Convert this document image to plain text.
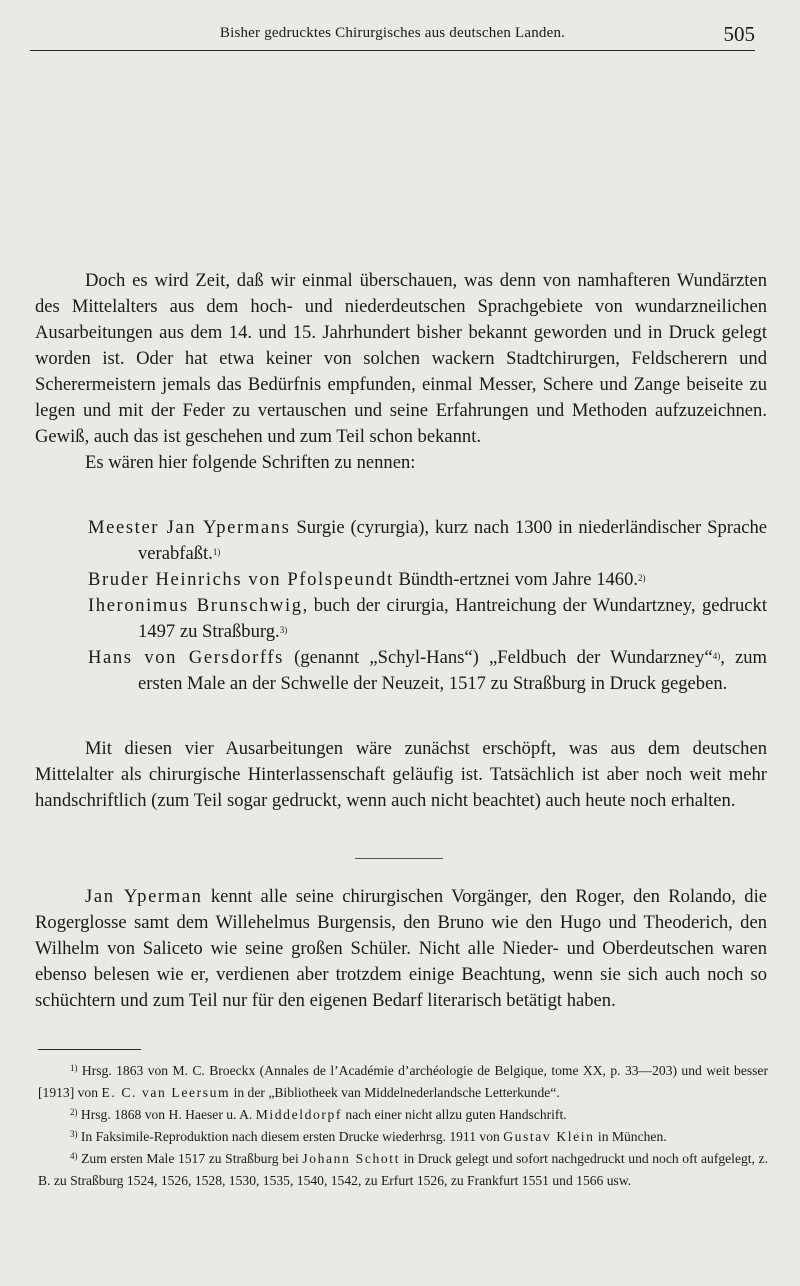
Bisher gedrucktes Chirurgisches aus deutschen Landen.	505

Doch es wird Zeit, daß wir einmal überschauen, was denn von namhafteren Wundärzten des Mittelalters aus dem hoch- und niederdeutschen Sprachgebiete von wundarzneilichen Ausarbeitungen aus dem 14. und 15. Jahrhundert bisher bekannt geworden und in Druck gelegt worden ist. Oder hat etwa keiner von solchen wackern Stadtchirurgen, Feldscherern und Scherermeistern jemals das Bedürfnis empfunden, einmal Messer, Schere und Zange beiseite zu legen und mit der Feder zu vertauschen und seine Erfahrungen und Methoden aufzuzeichnen. Gewiß, auch das ist geschehen und zum Teil schon bekannt.

Es wären hier folgende Schriften zu nennen:

Meester Jan Ypermans Surgie (cyrurgia), kurz nach 1300 in niederländischer Sprache verabfaßt.$^{1)}$

Bruder Heinrichs von Pfolspeundt Bündth-ertznei vom Jahre 1460.$^{2)}$

Iheronimus Brunschwig, buch der cirurgia, Hantreichung der Wundartzney, gedruckt 1497 zu Straßburg.$^{3)}$

Hans von Gersdorffs (genannt „Schyl-Hans“) „Feldbuch der Wundarzney“$^{4)}$, zum ersten Male an der Schwelle der Neuzeit, 1517 zu Straßburg in Druck gegeben.

Mit diesen vier Ausarbeitungen wäre zunächst erschöpft, was aus dem deutschen Mittelalter als chirurgische Hinterlassenschaft geläufig ist. Tatsächlich ist aber noch weit mehr handschriftlich (zum Teil sogar gedruckt, wenn auch nicht beachtet) auch heute noch erhalten.

Jan Yperman kennt alle seine chirurgischen Vorgänger, den Roger, den Rolando, die Rogerglosse samt dem Willehelmus Burgensis, den Bruno wie den Hugo und Theoderich, den Wilhelm von Saliceto wie seine großen Schüler. Nicht alle Nieder- und Oberdeutschen waren ebenso belesen wie er, verdienen aber trotzdem einige Beachtung, wenn sie sich auch noch so schüchtern und zum Teil nur für den eigenen Bedarf literarisch betätigt haben.

$^{1)}$ Hrsg. 1863 von M. C. Broeckx (Annales de l’Académie d’archéologie de Belgique, tome XX, p. 33—203) und weit besser [1913] von E. C. van Leersum in der „Bibliotheek van Middelnederlandsche Letterkunde“.

$^{2)}$ Hrsg. 1868 von H. Haeser u. A. Middeldorpf nach einer nicht allzu guten Handschrift.

$^{3)}$ In Faksimile-Reproduktion nach diesem ersten Drucke wiederhrsg. 1911 von Gustav Klein in München.

$^{4)}$ Zum ersten Male 1517 zu Straßburg bei Johann Schott in Druck gelegt und sofort nachgedruckt und noch oft aufgelegt, z. B. zu Straßburg 1524, 1526, 1528, 1530, 1535, 1540, 1542, zu Erfurt 1526, zu Frankfurt 1551 und 1566 usw.
